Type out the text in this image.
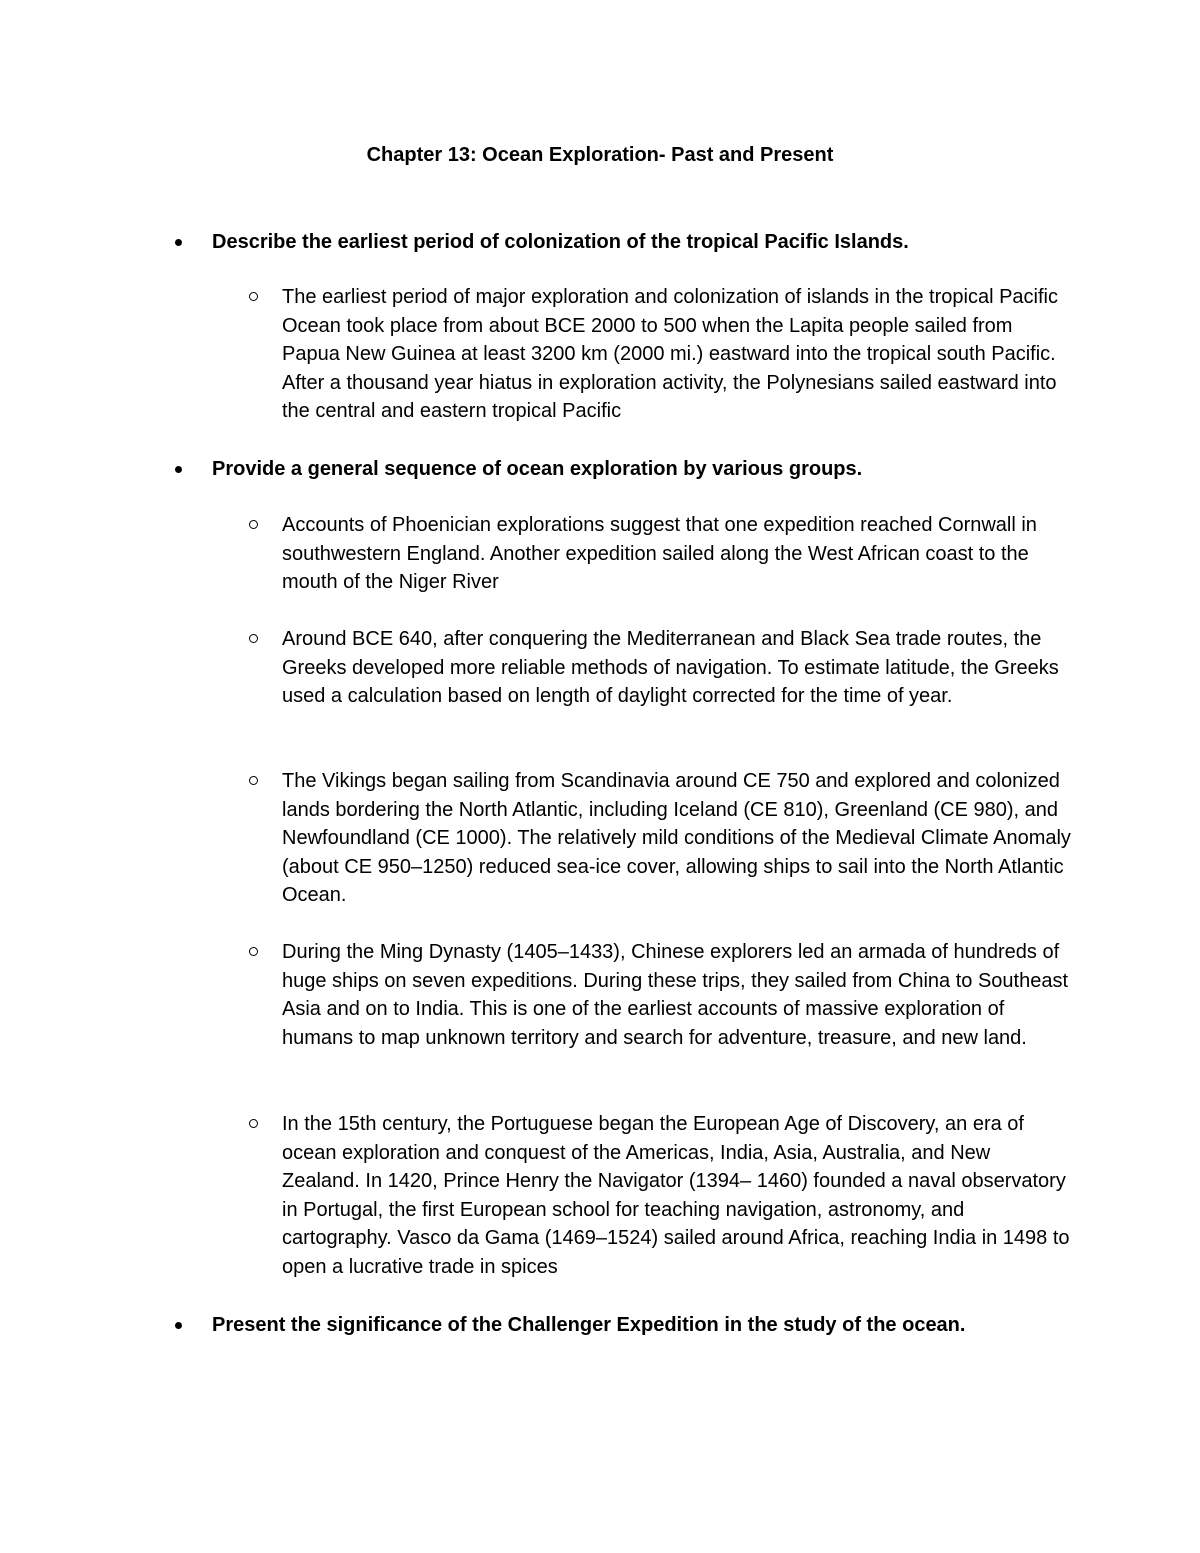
Chapter 13: Ocean Exploration- Past and Present
Describe the earliest period of colonization of the tropical Pacific Islands.
The earliest period of major exploration and colonization of islands in the tropical Pacific Ocean took place from about BCE 2000 to 500 when the Lapita people sailed from Papua New Guinea at least 3200 km (2000 mi.) eastward into the tropical south Pacific. After a thousand year hiatus in exploration activity, the Polynesians sailed eastward into the central and eastern tropical Pacific
Provide a general sequence of ocean exploration by various groups.
Accounts of Phoenician explorations suggest that one expedition reached Cornwall in southwestern England. Another expedition sailed along the West African coast to the mouth of the Niger River
Around BCE 640, after conquering the Mediterranean and Black Sea trade routes, the Greeks developed more reliable methods of navigation. To estimate latitude, the Greeks used a calculation based on length of daylight corrected for the time of year.
The Vikings began sailing from Scandinavia around CE 750 and explored and colonized lands bordering the North Atlantic, including Iceland (CE 810), Greenland (CE 980), and Newfoundland (CE 1000). The relatively mild conditions of the Medieval Climate Anomaly (about CE 950–1250) reduced sea-ice cover, allowing ships to sail into the North Atlantic Ocean.
During the Ming Dynasty (1405–1433), Chinese explorers led an armada of hundreds of huge ships on seven expeditions. During these trips, they sailed from China to Southeast Asia and on to India. This is one of the earliest accounts of massive exploration of humans to map unknown territory and search for adventure, treasure, and new land.
In the 15th century, the Portuguese began the European Age of Discovery, an era of ocean exploration and conquest of the Americas, India, Asia, Australia, and New Zealand. In 1420, Prince Henry the Navigator (1394– 1460) founded a naval observatory in Portugal, the first European school for teaching navigation, astronomy, and cartography. Vasco da Gama (1469–1524) sailed around Africa, reaching India in 1498 to open a lucrative trade in spices
Present the significance of the Challenger Expedition in the study of the ocean.
